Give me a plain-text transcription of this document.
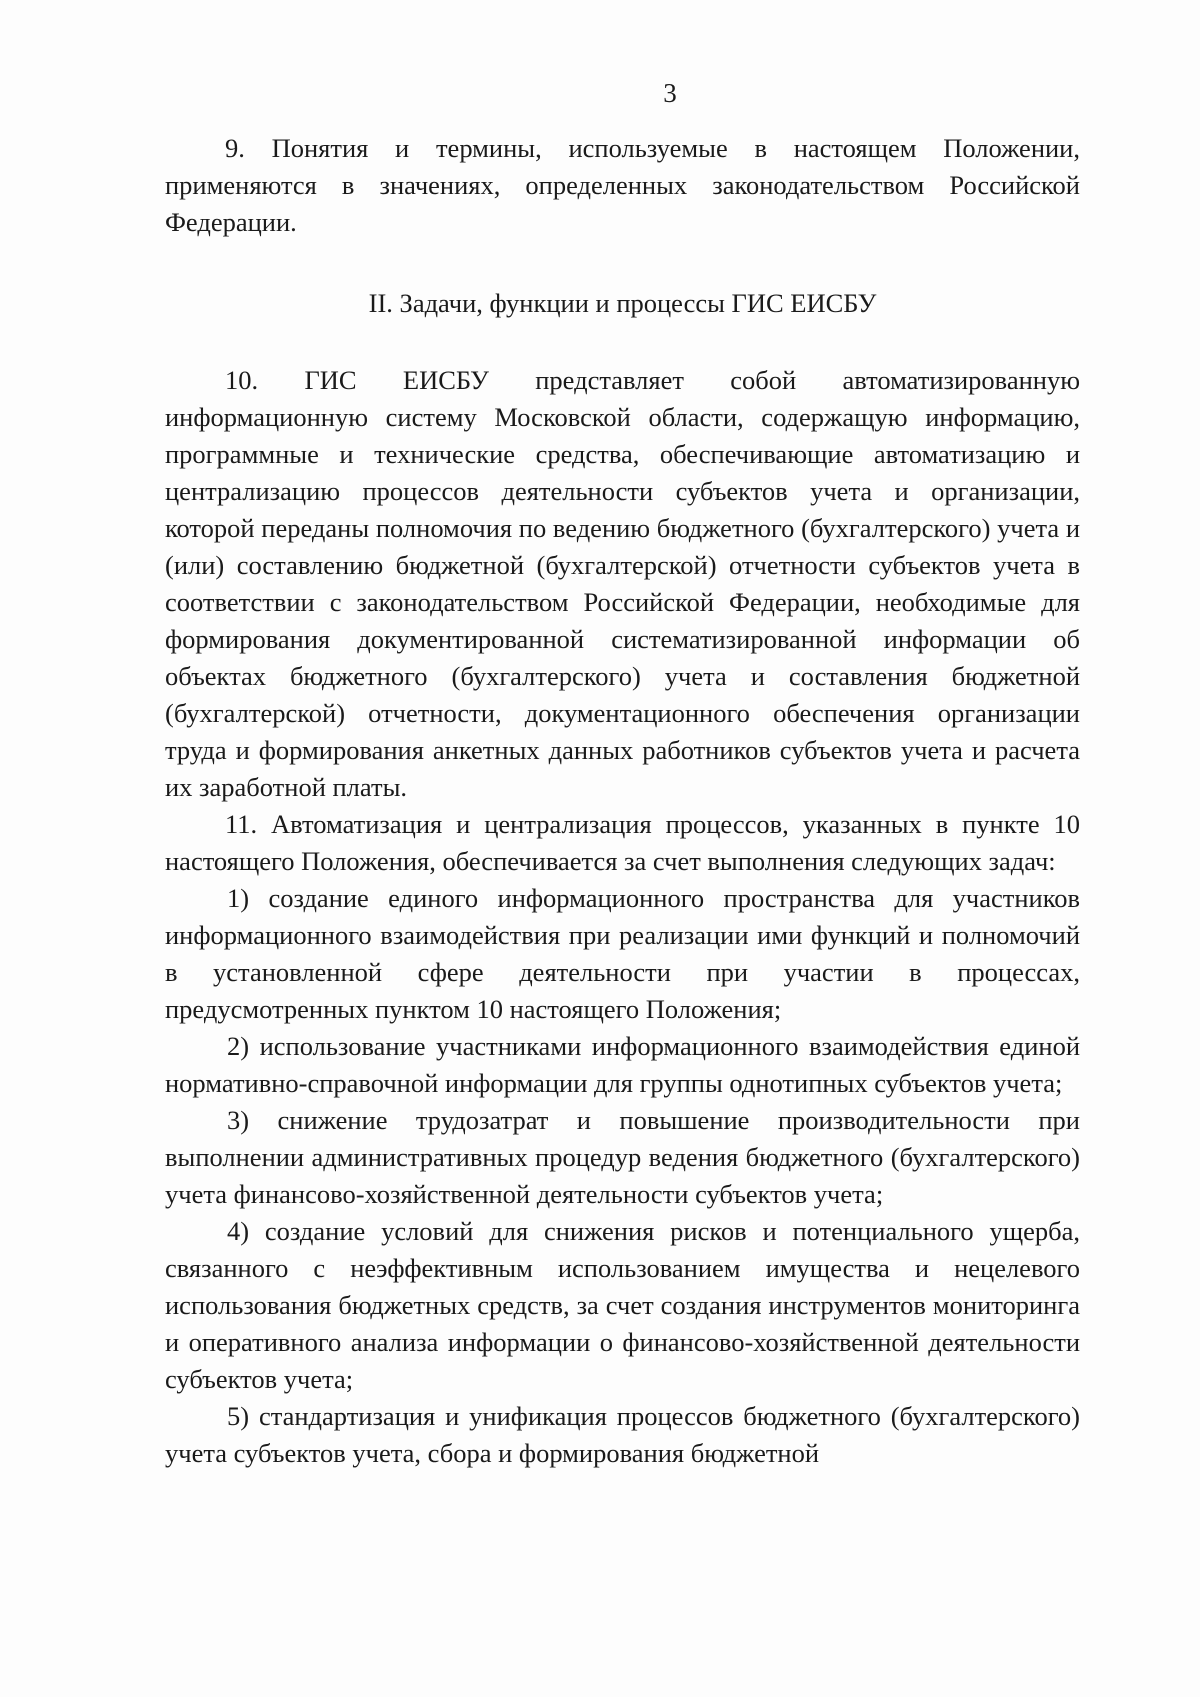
3

9. Понятия и термины, используемые в настоящем Положении, применяются в значениях, определенных законодательством Российской Федерации.

II. Задачи, функции и процессы ГИС ЕИСБУ

10. ГИС ЕИСБУ представляет собой автоматизированную информационную систему Московской области, содержащую информацию, программные и технические средства, обеспечивающие автоматизацию и централизацию процессов деятельности субъектов учета и организации, которой переданы полномочия по ведению бюджетного (бухгалтерского) учета и (или) составлению бюджетной (бухгалтерской) отчетности субъектов учета в соответствии с законодательством Российской Федерации, необходимые для формирования документированной систематизированной информации об объектах бюджетного (бухгалтерского) учета и составления бюджетной (бухгалтерской) отчетности, документационного обеспечения организации труда и формирования анкетных данных работников субъектов учета и расчета их заработной платы.

11. Автоматизация и централизация процессов, указанных в пункте 10 настоящего Положения, обеспечивается за счет выполнения следующих задач:

1) создание единого информационного пространства для участников информационного взаимодействия при реализации ими функций и полномочий в установленной сфере деятельности при участии в процессах, предусмотренных пунктом 10 настоящего Положения;

2) использование участниками информационного взаимодействия единой нормативно-справочной информации для группы однотипных субъектов учета;

3) снижение трудозатрат и повышение производительности при выполнении административных процедур ведения бюджетного (бухгалтерского) учета финансово-хозяйственной деятельности субъектов учета;

4) создание условий для снижения рисков и потенциального ущерба, связанного с неэффективным использованием имущества и нецелевого использования бюджетных средств, за счет создания инструментов мониторинга и оперативного анализа информации о финансово-хозяйственной деятельности субъектов учета;

5) стандартизация и унификация процессов бюджетного (бухгалтерского) учета субъектов учета, сбора и формирования бюджетной
